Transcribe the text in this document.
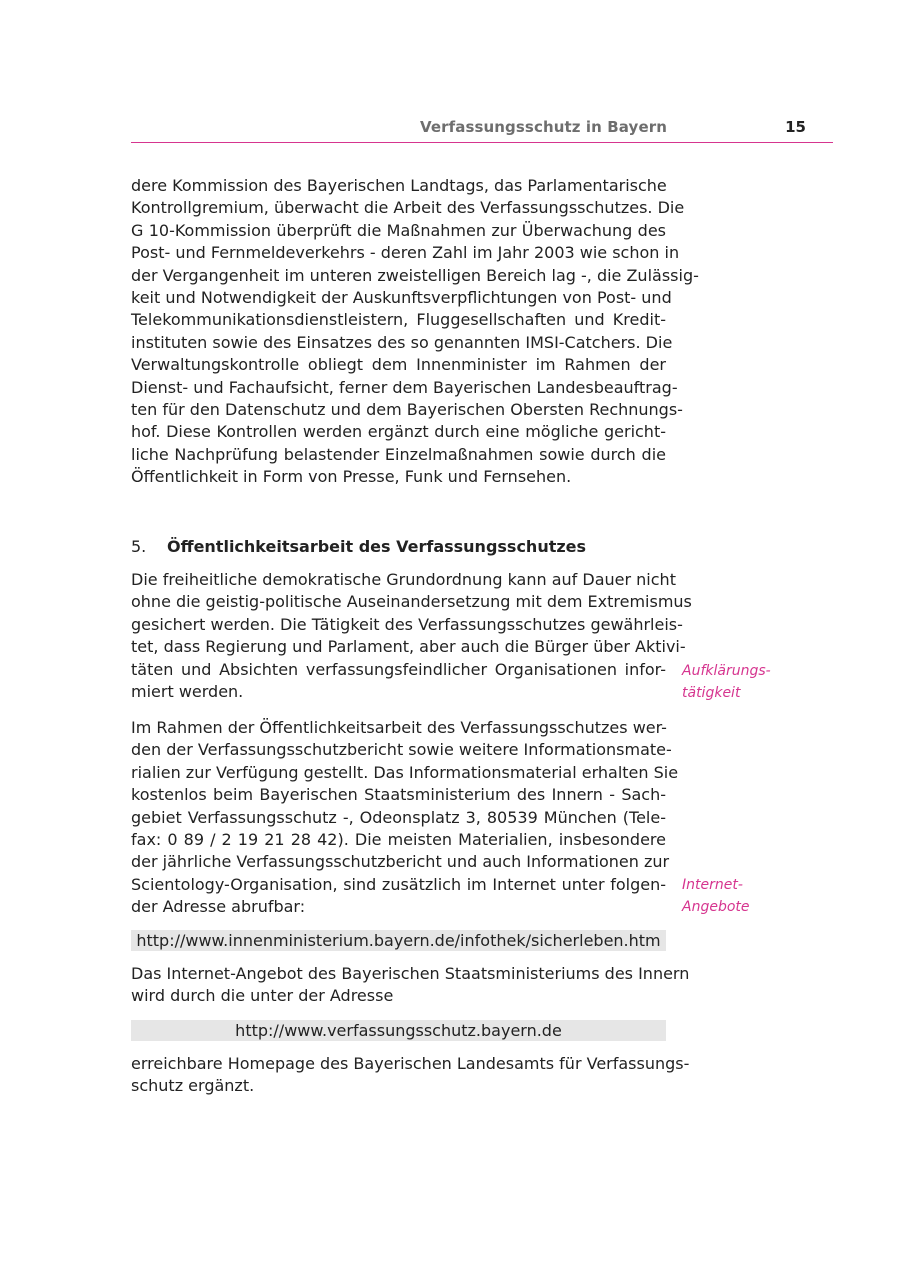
Verfassungsschutz in Bayern	15

dere Kommission des Bayerischen Landtags, das Parlamentarische
Kontrollgremium, überwacht die Arbeit des Verfassungsschutzes. Die
G 10-Kommission überprüft die Maßnahmen zur Überwachung des
Post- und Fernmeldeverkehrs - deren Zahl im Jahr 2003 wie schon in
der Vergangenheit im unteren zweistelligen Bereich lag -, die Zulässig-
keit und Notwendigkeit der Auskunftsverpflichtungen von Post- und
Telekommunikationsdienstleistern, Fluggesellschaften und Kredit-
instituten sowie des Einsatzes des so genannten IMSI-Catchers. Die
Verwaltungskontrolle obliegt dem Innenminister im Rahmen der
Dienst- und Fachaufsicht, ferner dem Bayerischen Landesbeauftrag-
ten für den Datenschutz und dem Bayerischen Obersten Rechnungs-
hof. Diese Kontrollen werden ergänzt durch eine mögliche gericht-
liche Nachprüfung belastender Einzelmaßnahmen sowie durch die
Öffentlichkeit in Form von Presse, Funk und Fernsehen.

5. Öffentlichkeitsarbeit des Verfassungsschutzes

Die freiheitliche demokratische Grundordnung kann auf Dauer nicht
ohne die geistig-politische Auseinandersetzung mit dem Extremismus
gesichert werden. Die Tätigkeit des Verfassungsschutzes gewährleis-
tet, dass Regierung und Parlament, aber auch die Bürger über Aktivi-
täten und Absichten verfassungsfeindlicher Organisationen infor-
miert werden.

Aufklärungs-
tätigkeit

Im Rahmen der Öffentlichkeitsarbeit des Verfassungsschutzes wer-
den der Verfassungsschutzbericht sowie weitere Informationsmate-
rialien zur Verfügung gestellt. Das Informationsmaterial erhalten Sie
kostenlos beim Bayerischen Staatsministerium des Innern - Sach-
gebiet Verfassungsschutz -, Odeonsplatz 3, 80539 München (Tele-
fax: 0 89 / 2 19 21 28 42). Die meisten Materialien, insbesondere
der jährliche Verfassungsschutzbericht und auch Informationen zur
Scientology-Organisation, sind zusätzlich im Internet unter folgen-
der Adresse abrufbar:

Internet-
Angebote
http://www.innenministerium.bayern.de/infothek/sicherleben.htm

Das Internet-Angebot des Bayerischen Staatsministeriums des Innern
wird durch die unter der Adresse

http://www.verfassungsschutz.bayern.de

erreichbare Homepage des Bayerischen Landesamts für Verfassungs-
schutz ergänzt.
